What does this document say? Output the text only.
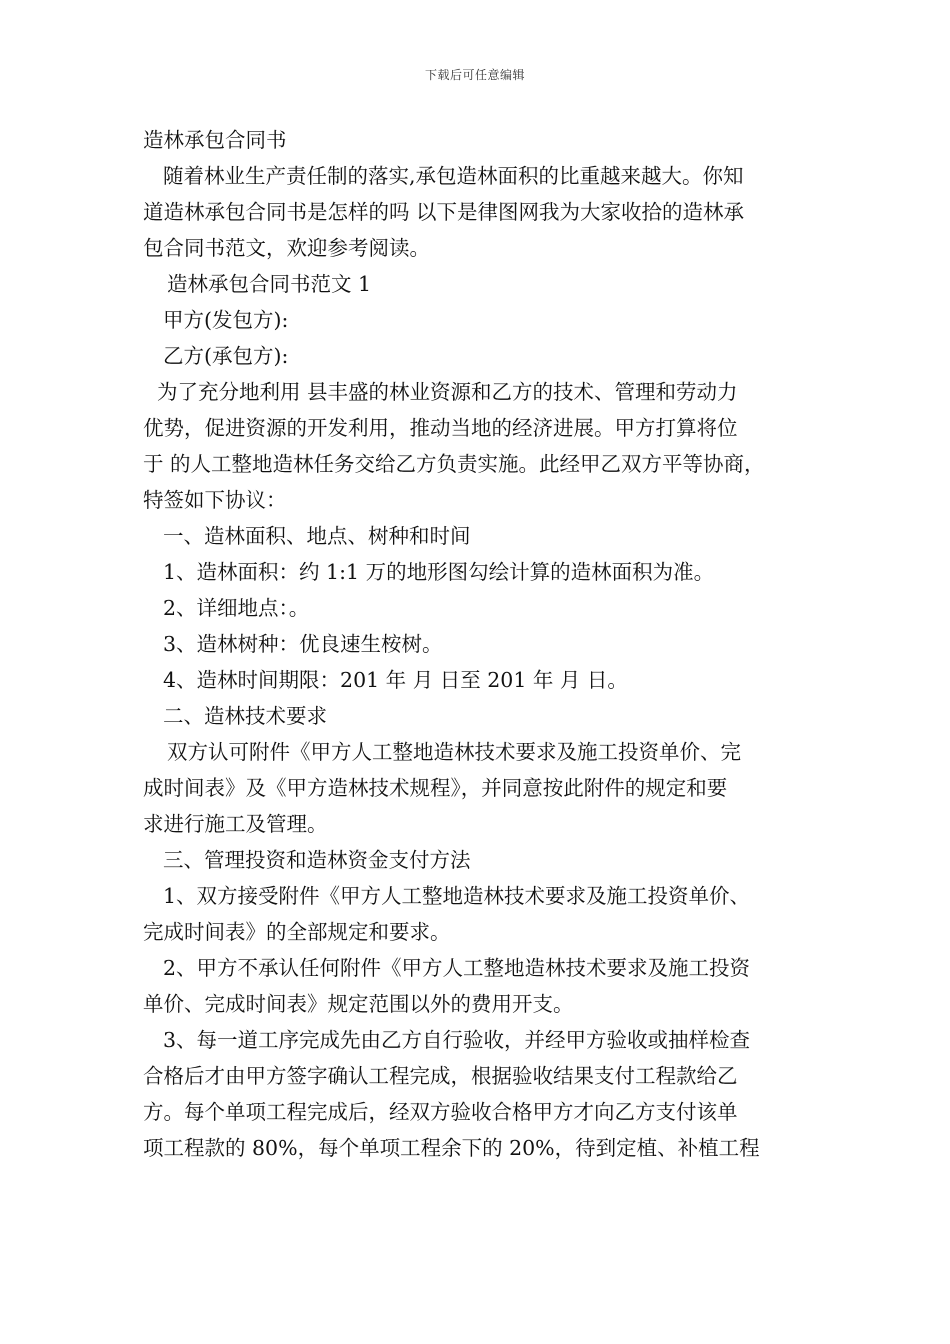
下载后可任意编辑

造林承包合同书

随着林业生产责任制的落实,承包造林面积的比重越来越大。你知
道造林承包合同书是怎样的吗 以下是律图网我为大家收拾的造林承
包合同书范文，欢迎参考阅读。

造林承包合同书范文 1

甲方(发包方):

乙方(承包方):

为了充分地利用 县丰盛的林业资源和乙方的技术、管理和劳动力
优势，促进资源的开发利用，推动当地的经济进展。甲方打算将位
于 的人工整地造林任务交给乙方负责实施。此经甲乙双方平等协商，
特签如下协议：

一、造林面积、地点、树种和时间

1、造林面积：约 1:1 万的地形图勾绘计算的造林面积为准。

2、详细地点：。

3、造林树种：优良速生桉树。

4、造林时间期限：201 年 月 日至 201 年 月 日。

二、造林技术要求

双方认可附件《甲方人工整地造林技术要求及施工投资单价、完
成时间表》及《甲方造林技术规程》，并同意按此附件的规定和要
求进行施工及管理。

三、管理投资和造林资金支付方法

1、双方接受附件《甲方人工整地造林技术要求及施工投资单价、
完成时间表》的全部规定和要求。
2、甲方不承认任何附件《甲方人工整地造林技术要求及施工投资
单价、完成时间表》规定范围以外的费用开支。
3、每一道工序完成先由乙方自行验收，并经甲方验收或抽样检查
合格后才由甲方签字确认工程完成，根据验收结果支付工程款给乙
方。每个单项工程完成后，经双方验收合格甲方才向乙方支付该单
项工程款的 80%，每个单项工程余下的 20%，待到定植、补植工程
